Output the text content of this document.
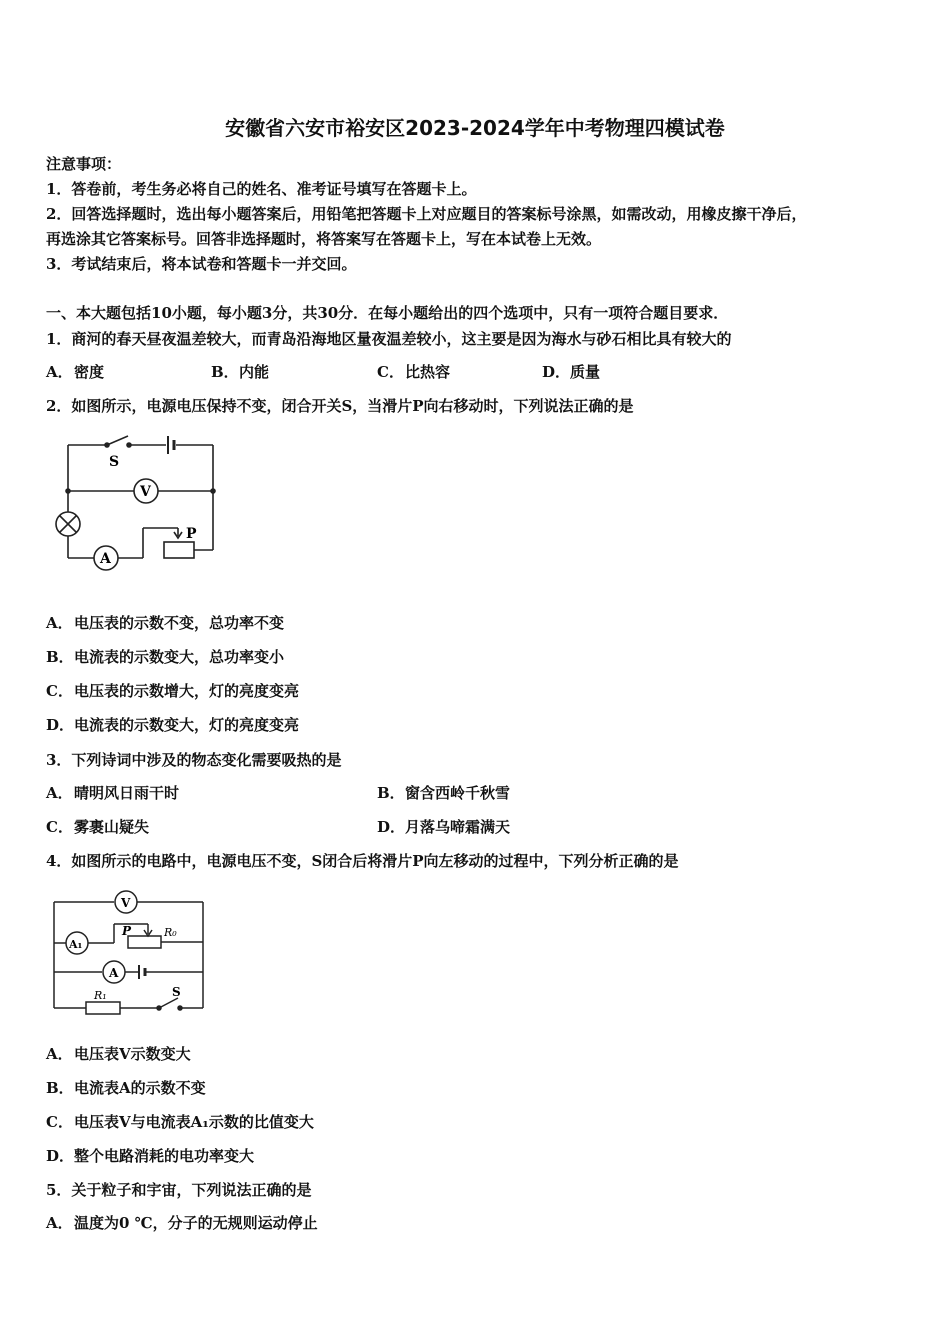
安徽省六安市裕安区2023-2024学年中考物理四模试卷
注意事项：
1．答卷前，考生务必将自己的姓名、准考证号填写在答题卡上。
2．回答选择题时，选出每小题答案后，用铅笔把答题卡上对应题目的答案标号涂黑，如需改动，用橡皮擦干净后，
再选涂其它答案标号。回答非选择题时，将答案写在答题卡上，写在本试卷上无效。
3．考试结束后，将本试卷和答题卡一并交回。
一、本大题包括10小题，每小题3分，共30分．在每小题给出的四个选项中，只有一项符合题目要求．
1．商河的春天昼夜温差较大，而青岛沿海地区量夜温差较小，这主要是因为海水与砂石相比具有较大的
A．密度	B．内能	C．比热容	D．质量
2．如图所示，电源电压保持不变，闭合开关S，当滑片P向右移动时，下列说法正确的是
S
V
A
P
A．电压表的示数不变，总功率不变
B．电流表的示数变大，总功率变小
C．电压表的示数增大，灯的亮度变亮
D．电流表的示数变大，灯的亮度变亮
3．下列诗词中涉及的物态变化需要吸热的是
A．晴明风日雨干时	B．窗含西岭千秋雪
C．雾裹山疑失	D．月落乌啼霜满天
4．如图所示的电路中，电源电压不变，S闭合后将滑片P向左移动的过程中，下列分析正确的是
V
A₁
A
P	R₀
R₁	S
A．电压表V示数变大
B．电流表A的示数不变
C．电压表V与电流表A₁示数的比值变大
D．整个电路消耗的电功率变大
5．关于粒子和宇宙，下列说法正确的是
A．温度为0 ℃，分子的无规则运动停止
